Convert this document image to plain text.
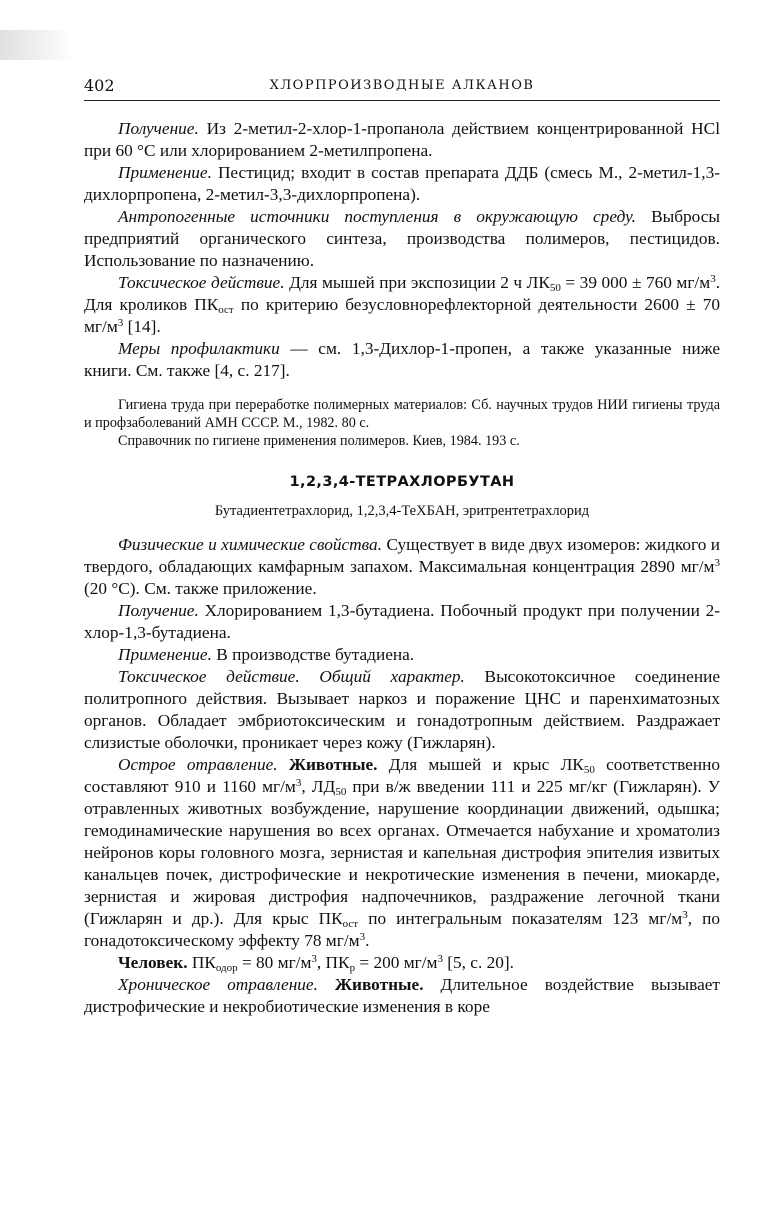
402	ХЛОРПРОИЗВОДНЫЕ АЛКАНОВ

Получение. Из 2-метил-2-хлор-1-пропанола действием концентрированной HCl при 60 °С или хлорированием 2-метилпропена.

Применение. Пестицид; входит в состав препарата ДДБ (смесь М., 2-метил-1,3-дихлорпропена, 2-метил-3,3-дихлорпропена).

Антропогенные источники поступления в окружающую среду. Выбросы предприятий органического синтеза, производства полимеров, пестицидов. Использование по назначению.

Токсическое действие. Для мышей при экспозиции 2 ч $ЛК_{50} = 39$ 000 ± 760 $мг/м^3$. Для кроликов $ПК_{ост}$ по критерию безусловнорефлекторной деятельности 2600 ± 70 $мг/м^3$ [14].

Меры профилактики — см. 1,3-Дихлор-1-пропен, а также указанные ниже книги. См. также [4, с. 217].

Гигиена труда при переработке полимерных материалов: Сб. научных трудов НИИ гигиены труда и профзаболеваний АМН СССР. М., 1982. 80 с.

Справочник по гигиене применения полимеров. Киев, 1984. 193 с.

1,2,3,4-ТЕТРАХЛОРБУТАН
Бутадиентетрахлорид, 1,2,3,4-ТеХБАН, эритрентетрахлорид

Физические и химические свойства. Существует в виде двух изомеров: жидкого и твердого, обладающих камфарным запахом. Максимальная концентрация 2890 $мг/м^3$ (20 °С). См. также приложение.

Получение. Хлорированием 1,3-бутадиена. Побочный продукт при получении 2-хлор-1,3-бутадиена.

Применение. В производстве бутадиена.

Токсическое действие. Общий характер. Высокотоксичное соединение политропного действия. Вызывает наркоз и поражение ЦНС и паренхиматозных органов. Обладает эмбриотоксическим и гонадотропным действием. Раздражает слизистые оболочки, проникает через кожу (Гижларян).

Острое отравление. Животные. Для мышей и крыс $ЛК_{50}$ соответственно составляют 910 и 1160 $мг/м^3$, $ЛД_{50}$ при в/ж введении 111 и 225 мг/кг (Гижларян). У отравленных животных возбуждение, нарушение координации движений, одышка; гемодинамические нарушения во всех органах. Отмечается набухание и хроматолиз нейронов коры головного мозга, зернистая и капельная дистрофия эпителия извитых канальцев почек, дистрофические и некротические изменения в печени, миокарде, зернистая и жировая дистрофия надпочечников, раздражение легочной ткани (Гижларян и др.). Для крыс $ПК_{ост}$ по интегральным показателям 123 $мг/м^3$, по гонадотоксическому эффекту 78 $мг/м^3$.

Человек. $ПК_{одор} = 80$ $мг/м^3$, $ПК_р = 200$ $мг/м^3$ [5, с. 20].

Хроническое отравление. Животные. Длительное воздействие вызывает дистрофические и некробиотические изменения в коре
